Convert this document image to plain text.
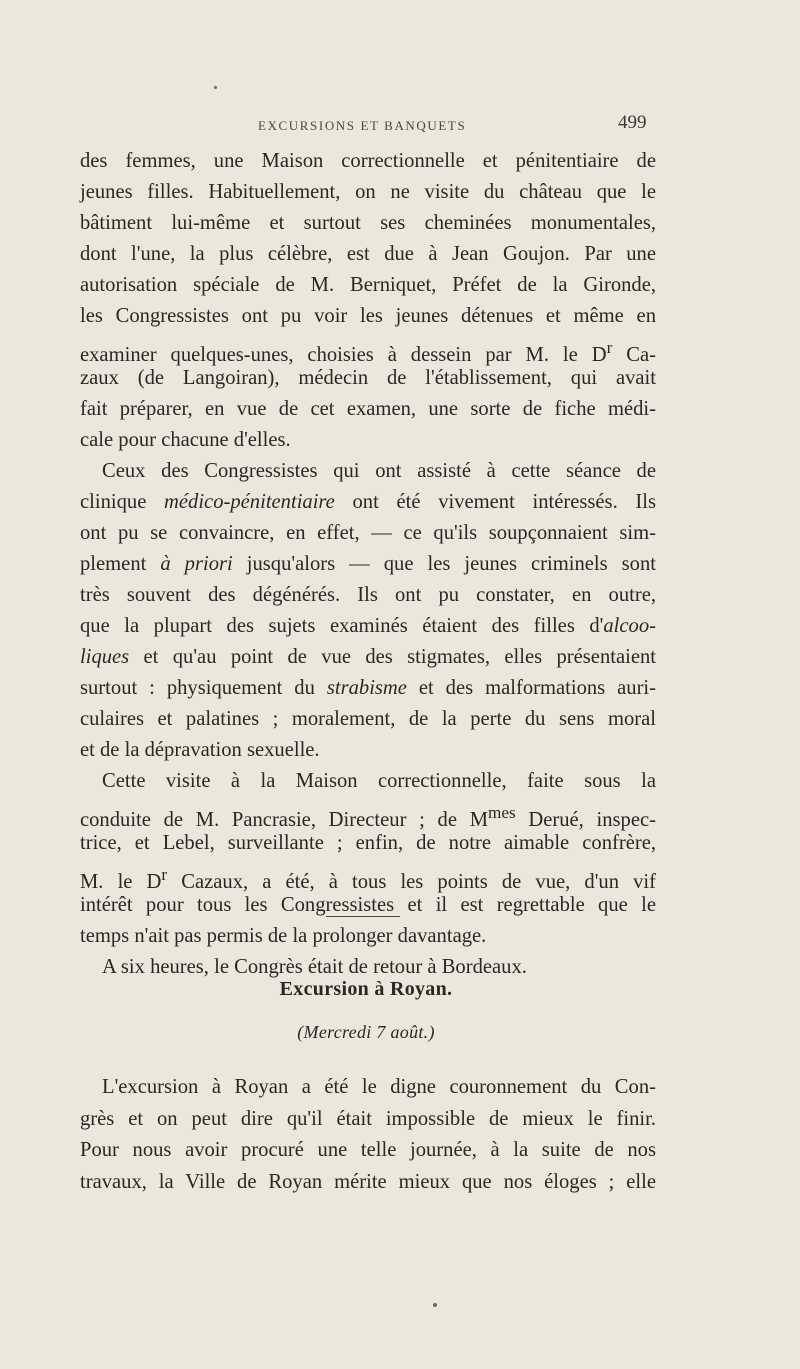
EXCURSIONS ET BANQUETS	499
des femmes, une Maison correctionnelle et pénitentiaire de
jeunes filles. Habituellement, on ne visite du château que le
bâtiment lui-même et surtout ses cheminées monumentales,
dont l'une, la plus célèbre, est due à Jean Goujon. Par une
autorisation spéciale de M. Berniquet, Préfet de la Gironde,
les Congressistes ont pu voir les jeunes détenues et même en
examiner quelques-unes, choisies à dessein par M. le $D^r$ Ca-
zaux (de Langoiran), médecin de l'établissement, qui avait
fait préparer, en vue de cet examen, une sorte de fiche médi-
cale pour chacune d'elles.
Ceux des Congressistes qui ont assisté à cette séance de
clinique médico-pénitentiaire ont été vivement intéressés. Ils
ont pu se convaincre, en effet, — ce qu'ils soupçonnaient sim-
plement à priori jusqu'alors — que les jeunes criminels sont
très souvent des dégénérés. Ils ont pu constater, en outre,
que la plupart des sujets examinés étaient des filles d'alcoo-
liques et qu'au point de vue des stigmates, elles présentaient
surtout : physiquement du strabisme et des malformations auri-
culaires et palatines ; moralement, de la perte du sens moral
et de la dépravation sexuelle.
Cette visite à la Maison correctionnelle, faite sous la
conduite de M. Pancrasie, Directeur ; de $M^{mes}$ Derué, inspec-
trice, et Lebel, surveillante ; enfin, de notre aimable confrère,
M. le $D^r$ Cazaux, a été, à tous les points de vue, d'un vif
intérêt pour tous les Congressistes et il est regrettable que le
temps n'ait pas permis de la prolonger davantage.
A six heures, le Congrès était de retour à Bordeaux.
Excursion à Royan.
(Mercredi 7 août.)
L'excursion à Royan a été le digne couronnement du Con-
grès et on peut dire qu'il était impossible de mieux le finir.
Pour nous avoir procuré une telle journée, à la suite de nos
travaux, la Ville de Royan mérite mieux que nos éloges ; elle
